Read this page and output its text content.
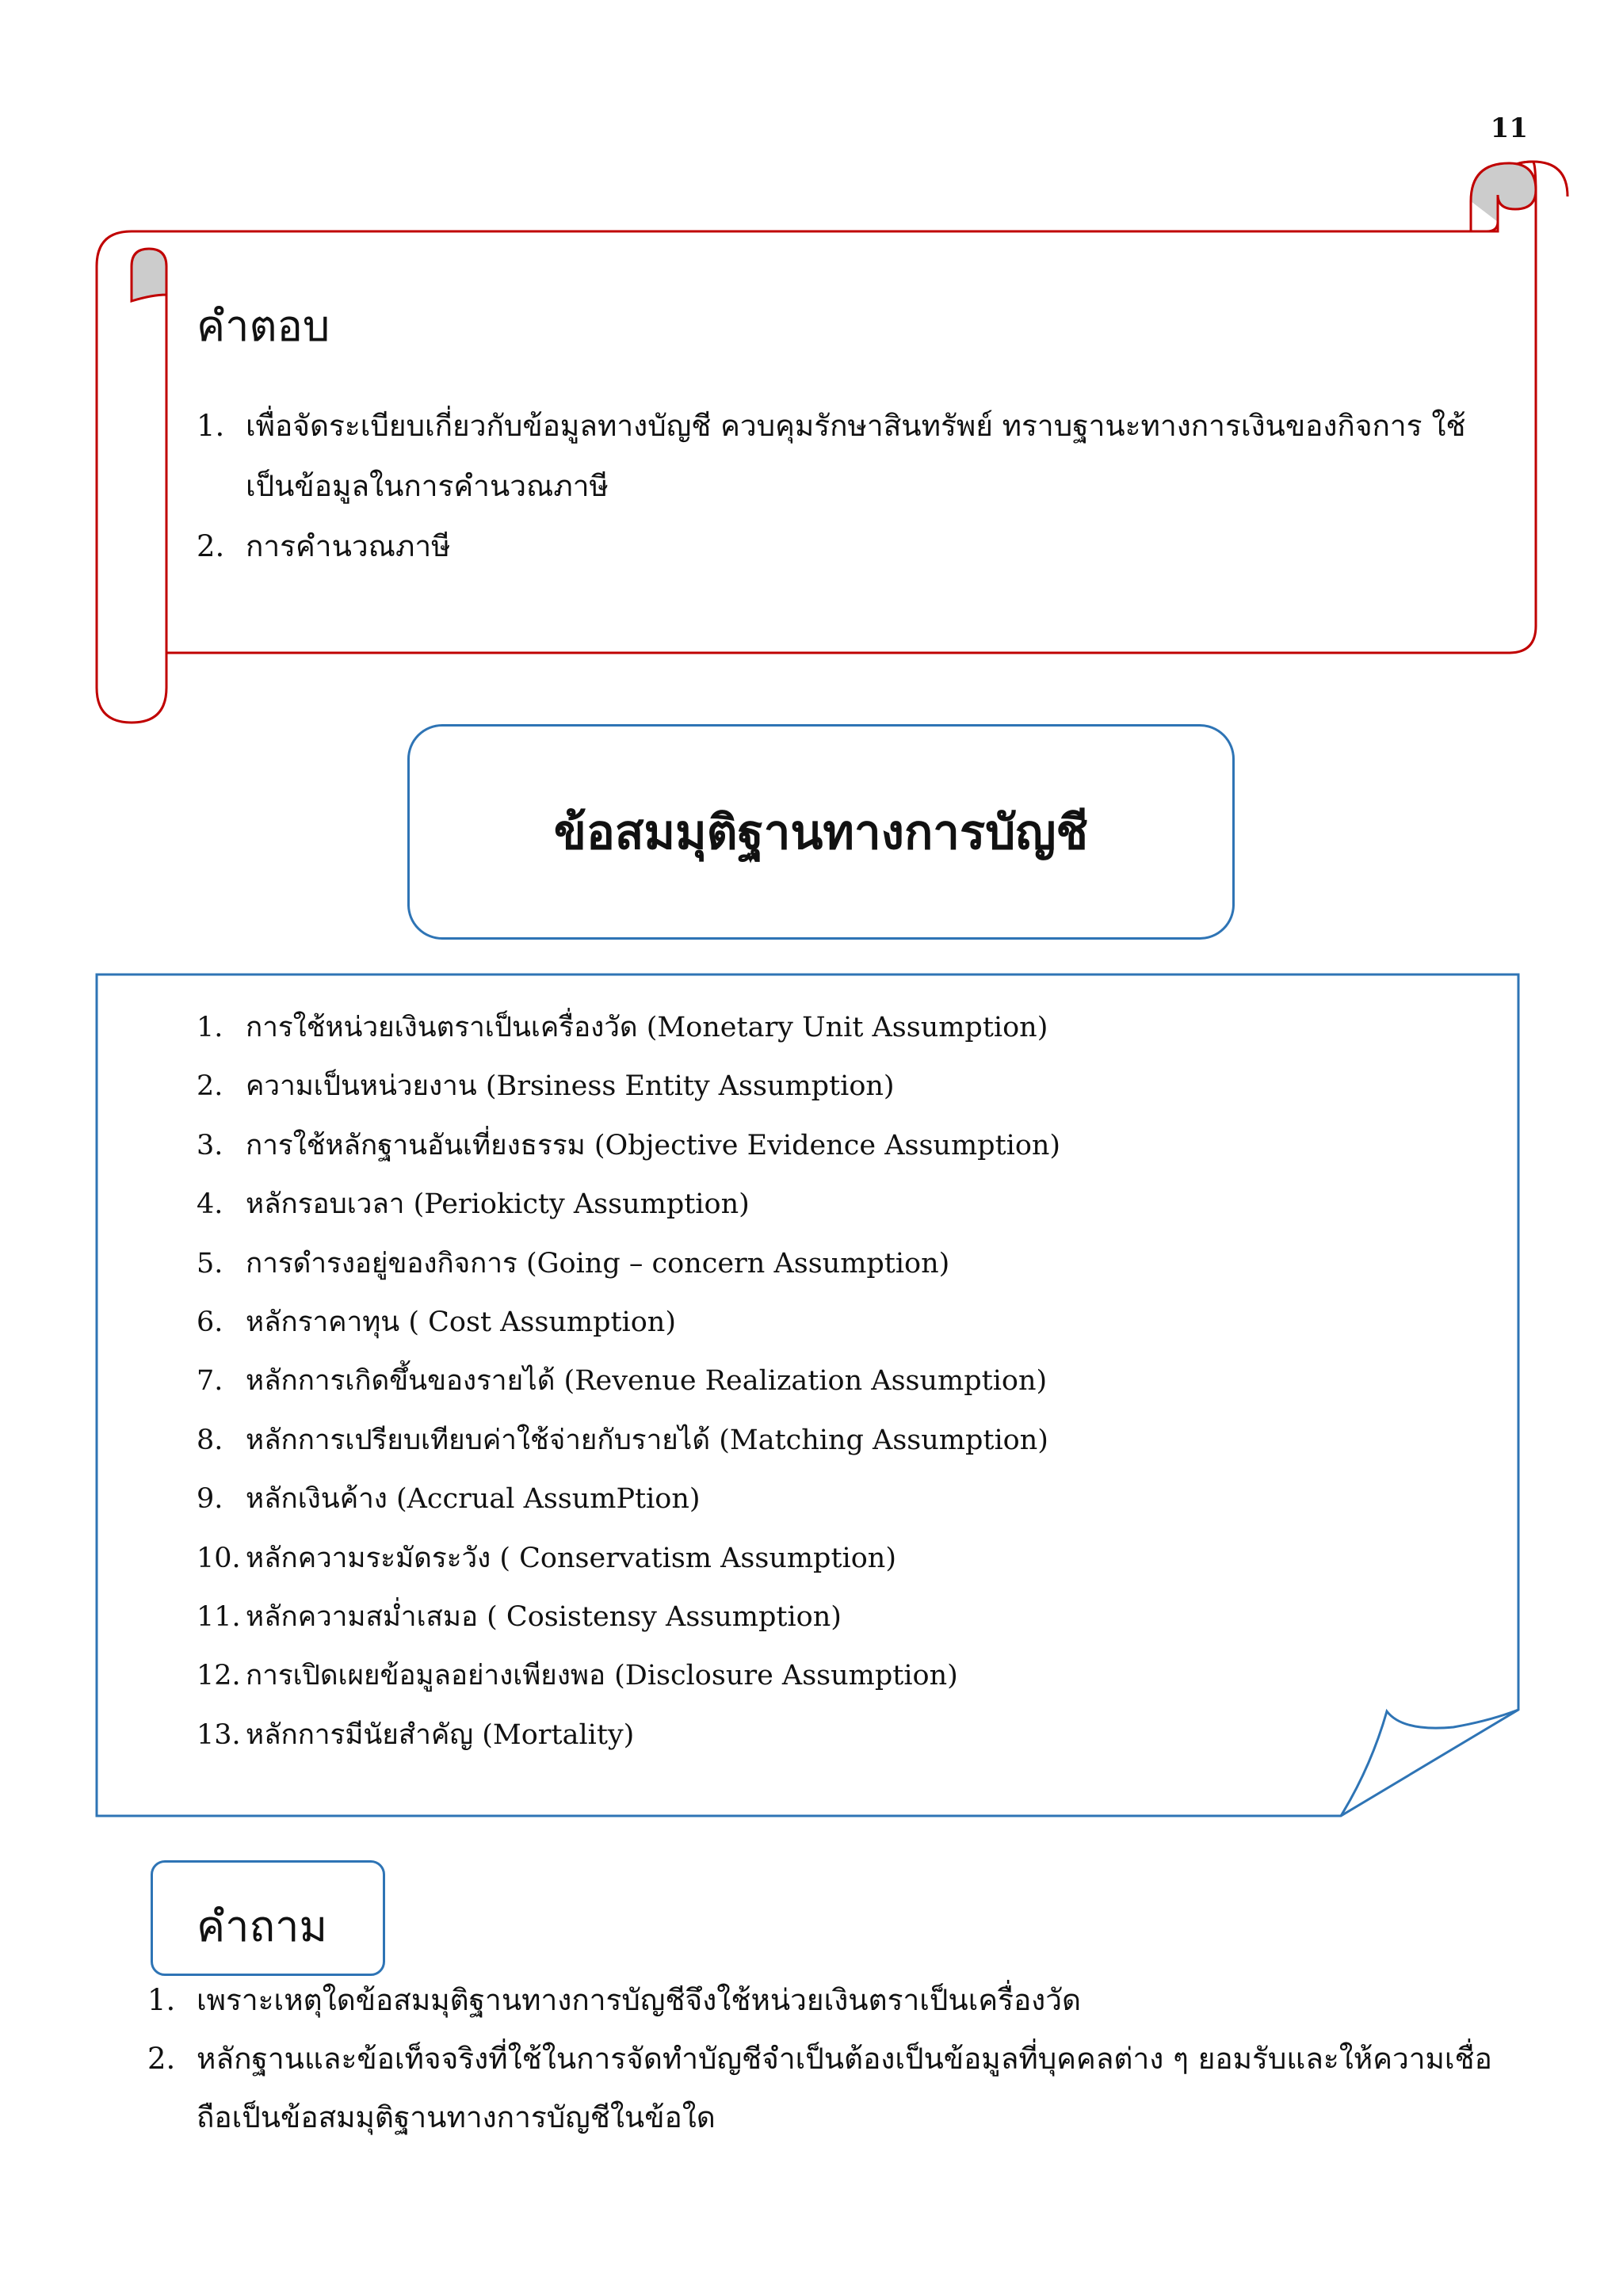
11
คำตอบ
1. เพื่อจัดระเบียบเกี่ยวกับข้อมูลทางบัญชี ควบคุมรักษาสินทรัพย์ ทราบฐานะทางการเงินของกิจการ ใช้เป็นข้อมูลในการคำนวณภาษี
2. การคำนวณภาษี
ข้อสมมุติฐานทางการบัญชี
1. การใช้หน่วยเงินตราเป็นเครื่องวัด (Monetary Unit Assumption)
2. ความเป็นหน่วยงาน (Brsiness Entity Assumption)
3. การใช้หลักฐานอันเที่ยงธรรม (Objective Evidence Assumption)
4. หลักรอบเวลา (Periokicty Assumption)
5. การดำรงอยู่ของกิจการ (Going – concern Assumption)
6. หลักราคาทุน ( Cost Assumption)
7. หลักการเกิดขึ้นของรายได้ (Revenue Realization Assumption)
8. หลักการเปรียบเทียบค่าใช้จ่ายกับรายได้ (Matching Assumption)
9. หลักเงินค้าง (Accrual AssumPtion)
10. หลักความระมัดระวัง ( Conservatism Assumption)
11. หลักความสม่ำเสมอ ( Cosistensy Assumption)
12. การเปิดเผยข้อมูลอย่างเพียงพอ (Disclosure Assumption)
13. หลักการมีนัยสำคัญ (Mortality)
คำถาม
1. เพราะเหตุใดข้อสมมุติฐานทางการบัญชีจึงใช้หน่วยเงินตราเป็นเครื่องวัด
2. หลักฐานและข้อเท็จจริงที่ใช้ในการจัดทำบัญชีจำเป็นต้องเป็นข้อมูลที่บุคคลต่าง ๆ ยอมรับและให้ความเชื่อถือเป็นข้อสมมุติฐานทางการบัญชีในข้อใด
